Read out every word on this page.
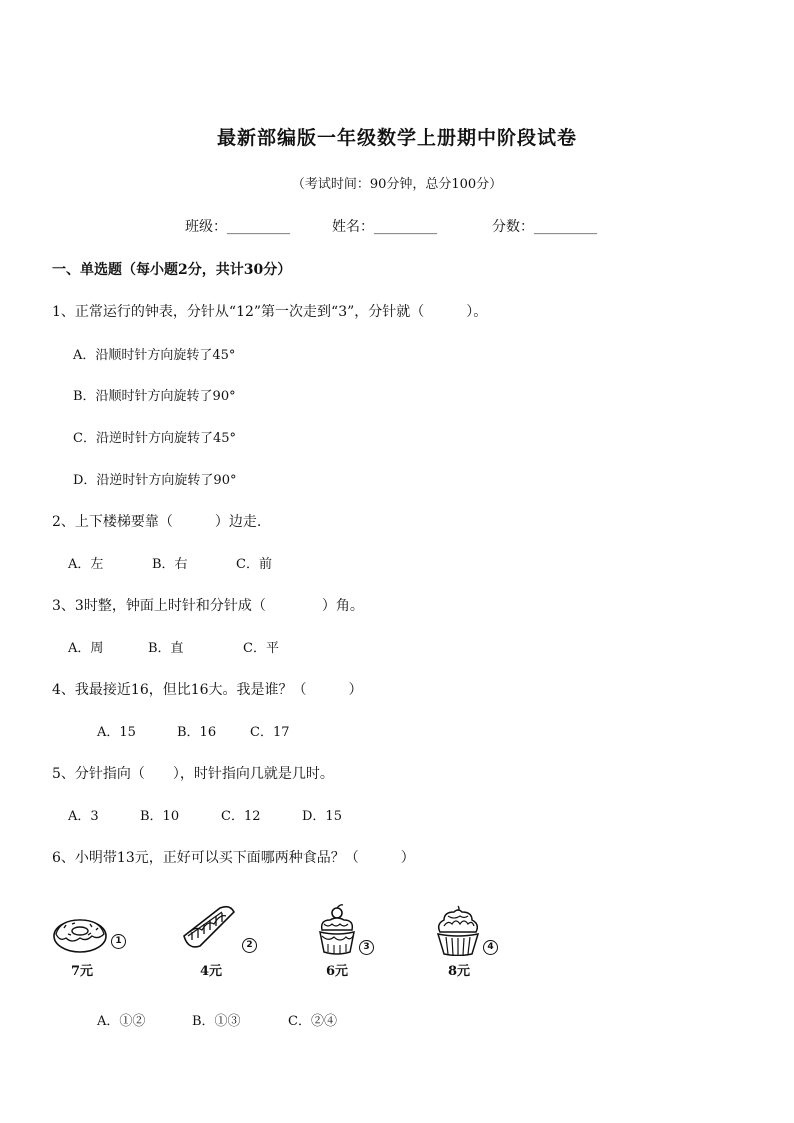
最新部编版一年级数学上册期中阶段试卷
（考试时间：90分钟，总分100分）
班级：_________	姓名：_________	分数：_________
一、单选题（每小题2分，共计30分）
1、正常运行的钟表，分针从“12”第一次走到“3”，分针就（　　　）。
A．沿顺时针方向旋转了45°
B．沿顺时针方向旋转了90°
C．沿逆时针方向旋转了45°
D．沿逆时针方向旋转了90°
2、上下楼梯要靠（　　　）边走.
A．左	B．右	C．前
3、3时整，钟面上时针和分针成（　　　　）角。
A．周	B．直	C．平
4、我最接近16，但比16大。我是谁？（　　　）
A．15	B．16	C．17
5、分针指向（　　），时针指向几就是几时。
A．3	B．10	C．12	D．15
6、小明带13元，正好可以买下面哪两种食品？（　　　）
1
7元
2
4元
3
6元
4
8元
A．①②	B．①③	C．②④
